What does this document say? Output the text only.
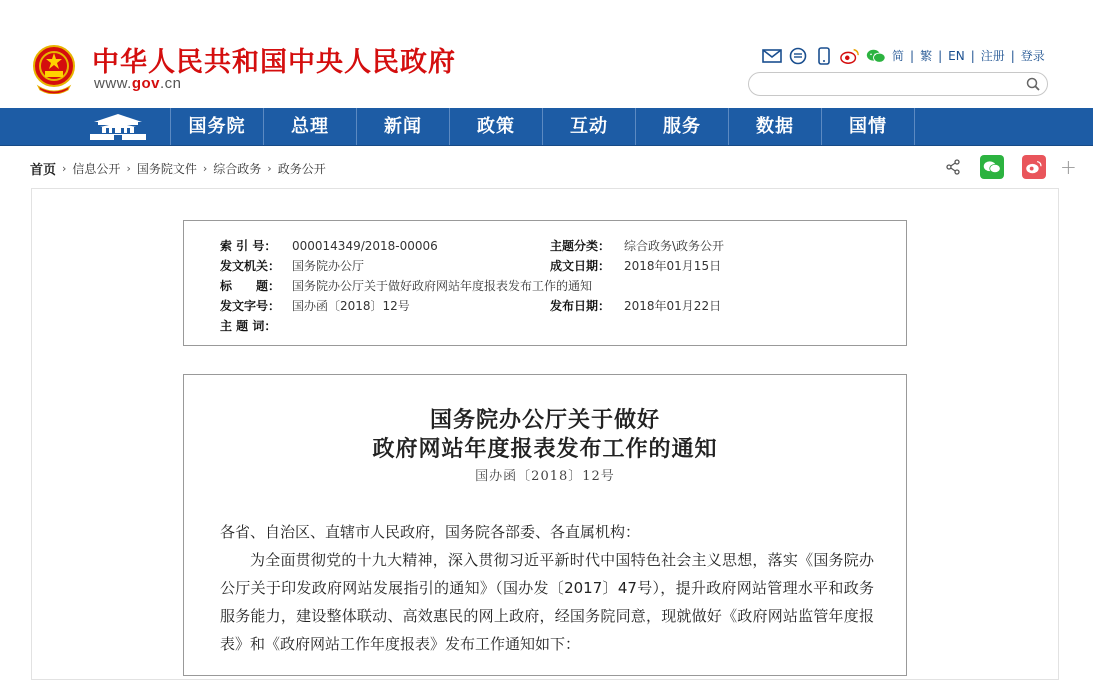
中华人民共和国中央人民政府
www.gov.cn
简 | 繁 | EN | 注册 | 登录
国务院	总理	新闻	政策	互动	服务	数据	国情
首页 › 信息公开 › 国务院文件 › 综合政务 › 政务公开	+
索 引 号： 000014349/2018-00006	主题分类： 综合政务\政务公开
发文机关： 国务院办公厅	成文日期： 2018年01月15日
标　　题： 国务院办公厅关于做好政府网站年度报表发布工作的通知
发文字号： 国办函〔2018〕12号	发布日期： 2018年01月22日
主 题 词：
国务院办公厅关于做好
政府网站年度报表发布工作的通知
国办函〔2018〕12号

各省、自治区、直辖市人民政府，国务院各部委、各直属机构：

为全面贯彻党的十九大精神，深入贯彻习近平新时代中国特色社会主义思想，落实《国务院办公厅关于印发政府网站发展指引的通知》（国办发〔2017〕47号），提升政府网站管理水平和政务服务能力，建设整体联动、高效惠民的网上政府，经国务院同意，现就做好《政府网站监管年度报表》和《政府网站工作年度报表》发布工作通知如下：
